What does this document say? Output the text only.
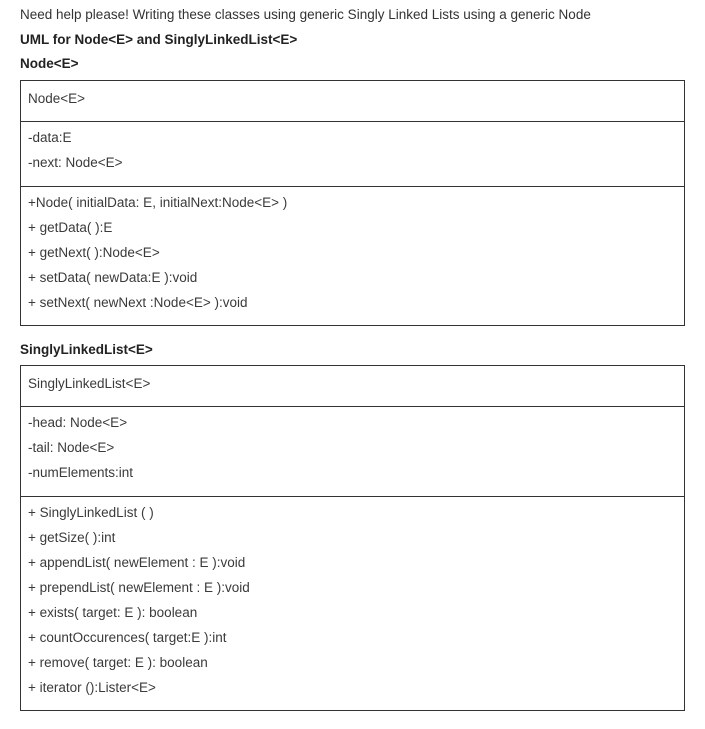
Need help please! Writing these classes using generic Singly Linked Lists using a generic Node
UML for Node<E> and SinglyLinkedList<E>
Node<E>
Node<E>
-data:E
-next: Node<E>
+Node( initialData: E, initialNext:Node<E> )
+ getData( ):E
+ getNext( ):Node<E>
+ setData( newData:E ):void
+ setNext( newNext :Node<E> ):void
SinglyLinkedList<E>
SinglyLinkedList<E>
-head: Node<E>
-tail: Node<E>
-numElements:int
+ SinglyLinkedList ( )
+ getSize( ):int
+ appendList( newElement : E ):void
+ prependList( newElement : E ):void
+ exists( target: E ): boolean
+ countOccurences( target:E ):int
+ remove( target: E ): boolean
+ iterator ():Lister<E>
